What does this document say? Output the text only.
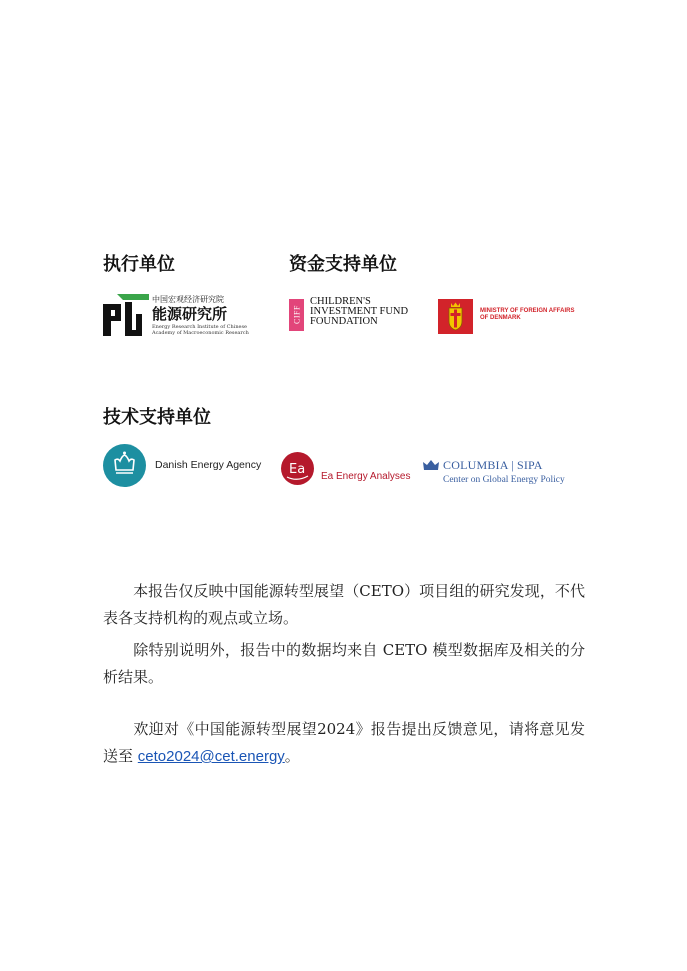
执行单位	资金支持单位
技术支持单位
中国宏观经济研究院
能源研究所
Energy Research Institute of Chinese
Academy of Macroeconomic Research
CIFF
CHILDREN'S
INVESTMENT FUND
FOUNDATION
MINISTRY OF FOREIGN AFFAIRS
OF DENMARK
Danish Energy Agency Ea Ea Energy Analyses
COLUMBIA | SIPA
Center on Global Energy Policy
本报告仅反映中国能源转型展望（CETO）项目组的研究发现，不代表各支持机构的观点或立场。
除特别说明外，报告中的数据均来自 CETO 模型数据库及相关的分析结果。
欢迎对《中国能源转型展望2024》报告提出反馈意见，请将意见发送至 ceto2024@cet.energy。
